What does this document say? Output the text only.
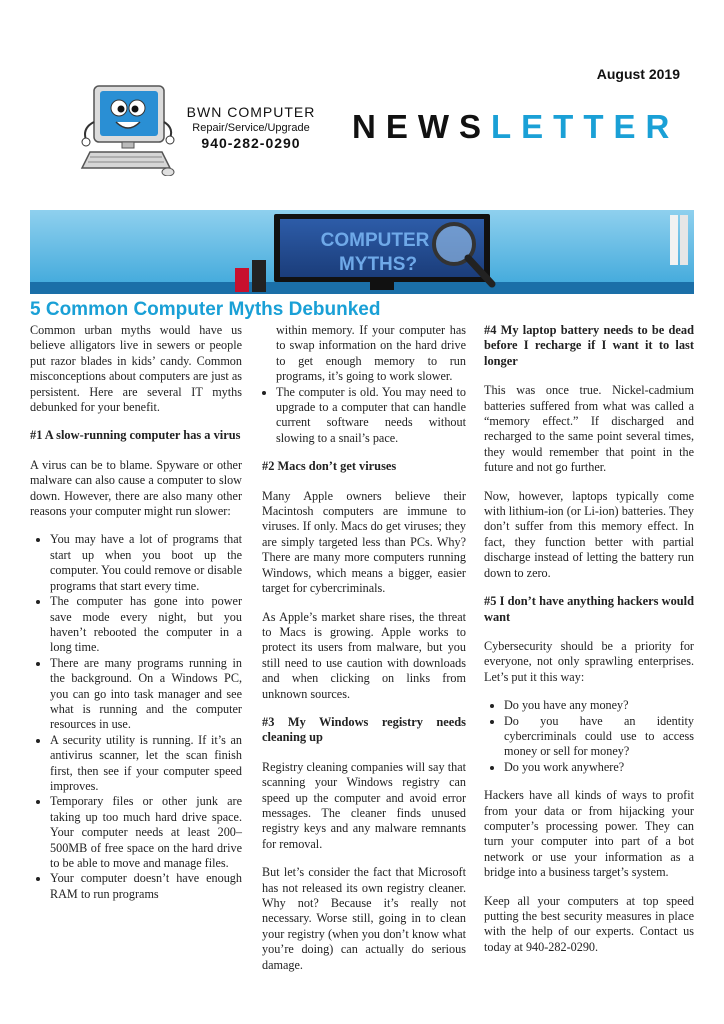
August 2019
BWN COMPUTER
Repair/Service/Upgrade
940-282-0290	NEWSLETTER
COMPUTER
MYTHS?
5 Common Computer Myths Debunked

Common urban myths would have us believe alligators live in sewers or people put razor blades in kids’ candy. Common misconceptions about computers are just as persistent. Here are several IT myths debunked for your benefit.

#1 A slow-running computer has a virus

A virus can be to blame. Spyware or other malware can also cause a computer to slow down. However, there are also many other reasons your computer might run slower:

• You may have a lot of programs that start up when you boot up the computer. You could remove or disable programs that start every time.
• The computer has gone into power save mode every night, but you haven’t rebooted the computer in a long time.
• There are many programs running in the background. On a Windows PC, you can go into task manager and see what is running and the computer resources in use.
• A security utility is running. If it’s an antivirus scanner, let the scan finish first, then see if your computer speed improves.
• Temporary files or other junk are taking up too much hard drive space. Your computer needs at least 200–500MB of free space on the hard drive to be able to move and manage files.
• Your computer doesn’t have enough RAM to run programs

within memory. If your computer has to swap information on the hard drive to get enough memory to run programs, it’s going to work slower.

• The computer is old. You may need to upgrade to a computer that can handle current software needs without slowing to a snail’s pace.
#2 Macs don’t get viruses

Many Apple owners believe their Macintosh computers are immune to viruses. If only. Macs do get viruses; they are simply targeted less than PCs. Why? There are many more computers running Windows, which means a bigger, easier target for cybercriminals.

As Apple’s market share rises, the threat to Macs is growing. Apple works to protect its users from malware, but you still need to use caution with downloads and when clicking on links from unknown sources.

#3 My Windows registry needs cleaning up

Registry cleaning companies will say that scanning your Windows registry can speed up the computer and avoid error messages. The cleaner finds unused registry keys and any malware remnants for removal.

But let’s consider the fact that Microsoft has not released its own registry cleaner. Why not? Because it’s really not necessary. Worse still, going in to clean your registry (when you don’t know what you’re doing) can actually do serious damage.

#4 My laptop battery needs to be dead before I recharge if I want it to last longer

This was once true. Nickel-cadmium batteries suffered from what was called a “memory effect.” If discharged and recharged to the same point several times, they would remember that point in the future and not go further.

Now, however, laptops typically come with lithium-ion (or Li-ion) batteries. They don’t suffer from this memory effect. In fact, they function better with partial discharge instead of letting the battery run down to zero.

#5 I don’t have anything hackers would want

Cybersecurity should be a priority for everyone, not only sprawling enterprises. Let’s put it this way:

• Do you have any money?
• Do you have an identity cybercriminals could use to access money or sell for money?
• Do you work anywhere?

Hackers have all kinds of ways to profit from your data or from hijacking your computer’s processing power. They can turn your computer into part of a bot network or use your information as a bridge into a business target’s system.

Keep all your computers at top speed putting the best security measures in place with the help of our experts. Contact us today at 940-282-0290.
